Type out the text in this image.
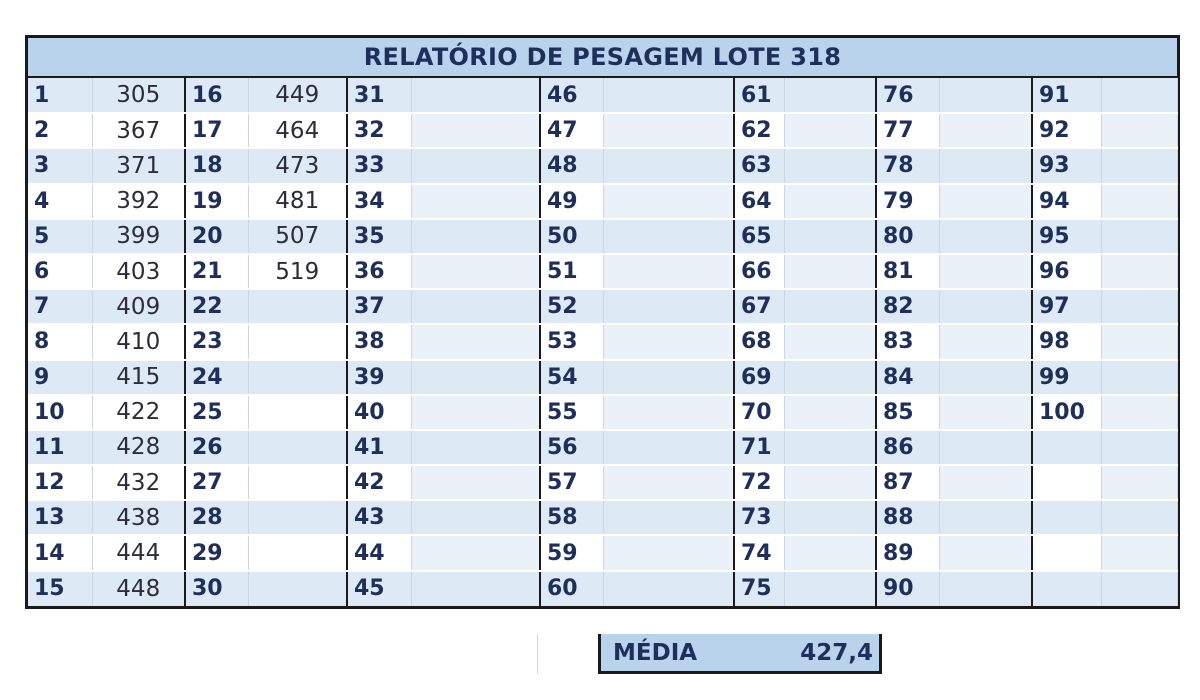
RELATÓRIO DE PESAGEM LOTE 318
1	305	16	449	31		46		61		76		91	
2	367	17	464	32		47		62		77		92	
3	371	18	473	33		48		63		78		93	
4	392	19	481	34		49		64		79		94	
5	399	20	507	35		50		65		80		95	
6	403	21	519	36		51		66		81		96	
7	409	22		37		52		67		82		97	
8	410	23		38		53		68		83		98	
9	415	24		39		54		69		84		99	
10	422	25		40		55		70		85		100	
11	428	26		41		56		71		86			
12	432	27		42		57		72		87			
13	438	28		43		58		73		88			
14	444	29		44		59		74		89			
15	448	30		45		60		75		90			
MÉDIA	427,4
